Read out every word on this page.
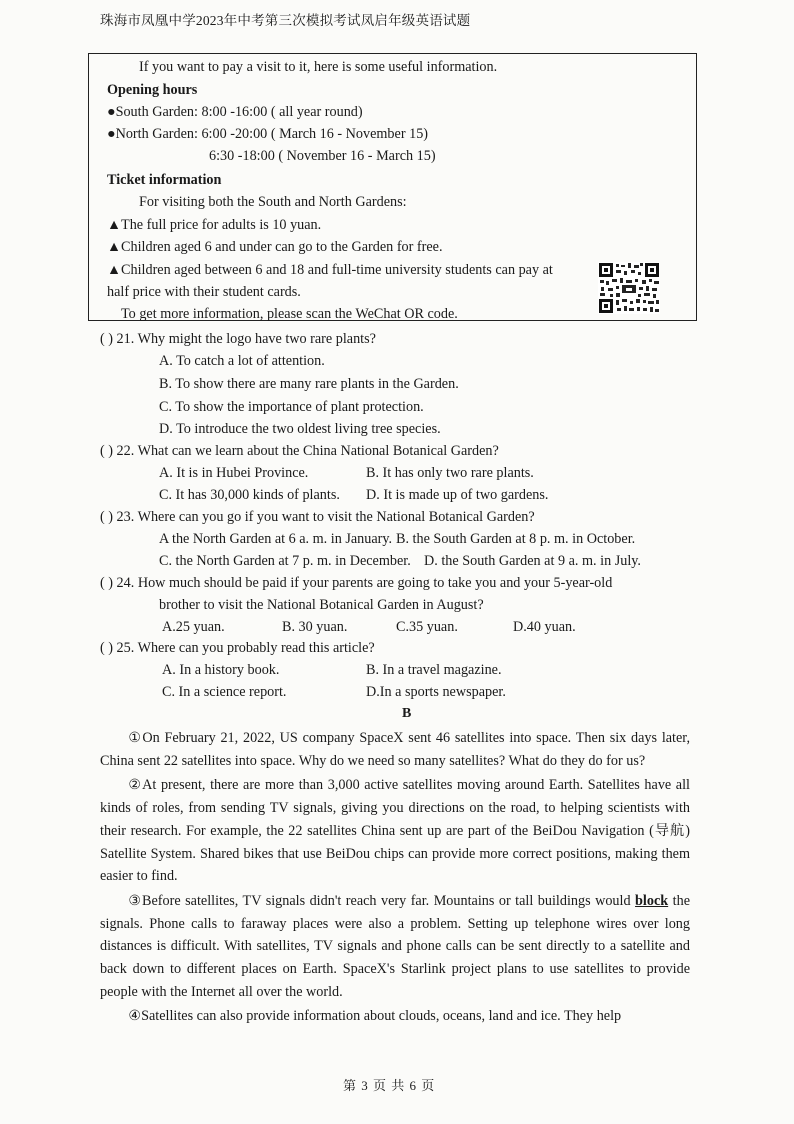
珠海市凤凰中学2023年中考第三次模拟考试凤启年级英语试题
If you want to pay a visit to it, here is some useful information.
Opening hours
●South Garden: 8:00 -16:00 ( all year round)
●North Garden: 6:00 -20:00 ( March 16 - November 15)
6:30 -18:00 ( November 16 - March 15)
Ticket information
For visiting both the South and North Gardens:
▲The full price for adults is 10 yuan.
▲Children aged 6 and under can go to the Garden for free.
▲Children aged between 6 and 18 and full-time university students can pay at
half price with their student cards.
To get more information, please scan the WeChat OR code.
( ) 21. Why might the logo have two rare plants?
A. To catch a lot of attention.
B. To show there are many rare plants in the Garden.
C. To show the importance of plant protection.
D. To introduce the two oldest living tree species.
( ) 22. What can we learn about the China National Botanical Garden?
A. It is in Hubei Province.	B. It has only two rare plants.
C. It has 30,000 kinds of plants. D. It is made up of two gardens.
( ) 23. Where can you go if you want to visit the National Botanical Garden?
A the North Garden at 6 a. m. in January. B. the South Garden at 8 p. m. in October.
C. the North Garden at 7 p. m. in December. D. the South Garden at 9 a. m. in July.
( ) 24. How much should be paid if your parents are going to take you and your 5-year-old
brother to visit the National Botanical Garden in August?
A.25 yuan.	B. 30 yuan.	C.35 yuan.	D.40 yuan.
( ) 25. Where can you probably read this article?
A. In a history book.	B. In a travel magazine.
C. In a science report.	D.In a sports newspaper.
B

①On February 21, 2022, US company SpaceX sent 46 satellites into space. Then six days later, China sent 22 satellites into space. Why do we need so many satellites? What do they do for us?

②At present, there are more than 3,000 active satellites moving around Earth. Satellites have all kinds of roles, from sending TV signals, giving you directions on the road, to helping scientists with their research. For example, the 22 satellites China sent up are part of the BeiDou Navigation (导航) Satellite System. Shared bikes that use BeiDou chips can provide more correct positions, making them easier to find.

③Before satellites, TV signals didn't reach very far. Mountains or tall buildings would block the signals. Phone calls to faraway places were also a problem. Setting up telephone wires over long distances is difficult. With satellites, TV signals and phone calls can be sent directly to a satellite and back down to different places on Earth. SpaceX's Starlink project plans to use satellites to provide people with the Internet all over the world.

④Satellites can also provide information about clouds, oceans, land and ice. They help

第 3 页 共 6 页
